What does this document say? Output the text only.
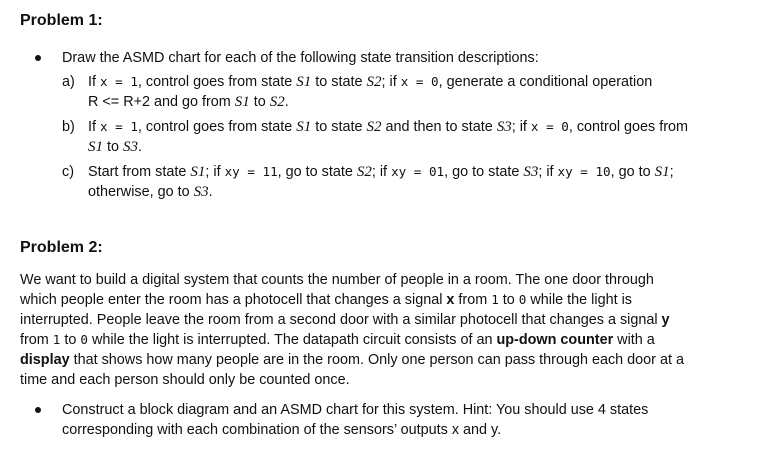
Problem 1:
Draw the ASMD chart for each of the following state transition descriptions:
a) If x = 1, control goes from state S1 to state S2; if x = 0, generate a conditional operation
R <= R+2 and go from S1 to S2.
b) If x = 1, control goes from state S1 to state S2 and then to state S3; if x = 0, control goes from
S1 to S3.
c) Start from state S1; if xy = 11, go to state S2; if xy = 01, go to state S3; if xy = 10, go to S1;
otherwise, go to S3.
Problem 2:
We want to build a digital system that counts the number of people in a room. The one door through
which people enter the room has a photocell that changes a signal x from 1 to 0 while the light is
interrupted. People leave the room from a second door with a similar photocell that changes a signal y
from 1 to 0 while the light is interrupted. The datapath circuit consists of an up-down counter with a
display that shows how many people are in the room. Only one person can pass through each door at a
time and each person should only be counted once.
Construct a block diagram and an ASMD chart for this system. Hint: You should use 4 states
corresponding with each combination of the sensors’ outputs x and y.
